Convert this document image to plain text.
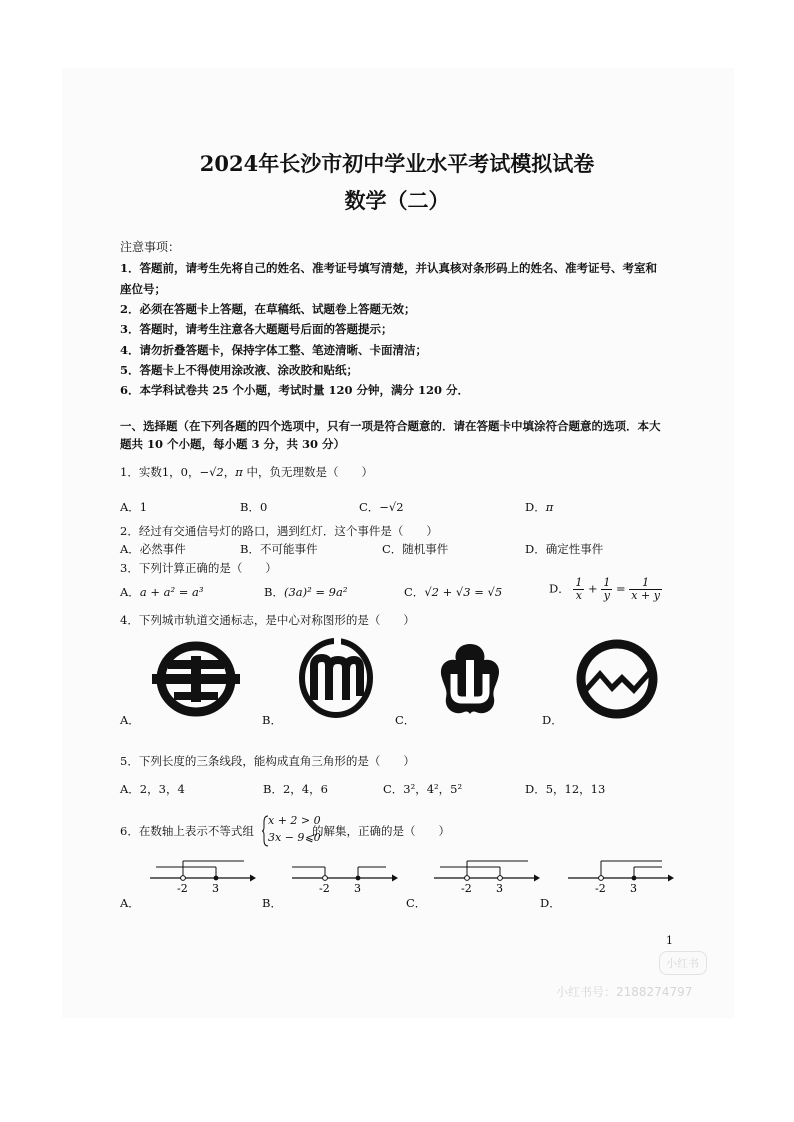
2024年长沙市初中学业水平考试模拟试卷
数学（二）
注意事项：
1．答题前，请考生先将自己的姓名、准考证号填写清楚，并认真核对条形码上的姓名、准考证号、考室和
座位号；
2．必须在答题卡上答题，在草稿纸、试题卷上答题无效；
3．答题时，请考生注意各大题题号后面的答题提示；
4．请勿折叠答题卡，保持字体工整、笔迹清晰、卡面清洁；
5．答题卡上不得使用涂改液、涂改胶和贴纸；
6．本学科试卷共 25 个小题，考试时量 120 分钟，满分 120 分．
一、选择题（在下列各题的四个选项中，只有一项是符合题意的．请在答题卡中填涂符合题意的选项．本大
题共 10 个小题，每小题 3 分，共 30 分）
1．实数1，0，−√2，π 中，负无理数是（　　）
A．1	B．0	C．−√2	D．π
2．经过有交通信号灯的路口，遇到红灯．这个事件是（　　）
A．必然事件	B．不可能事件	C．随机事件	D．确定性事件
3．下列计算正确的是（　　）
A．a + a² = a³	B．(3a)² = 9a²	C．√2 + √3 = √5	D． $\frac{1}{x} + \frac{1}{y} = \frac{1}{x + y}$
4．下列城市轨道交通标志，是中心对称图形的是（　　）
A．	B．	C．	D．
5．下列长度的三条线段，能构成直角三角形的是（　　）
A．2，3，4	B．2，4，6	C．3²，4²，5²	D．5，12，13
6．在数轴上表示不等式组
x + 2 > 0
3x − 9⩽0
的解集，正确的是（　　）
-2 3	-2 3	-2 3	-2 3
A．	B．	C．	D．
1
小红书
小红书号：2188274797
